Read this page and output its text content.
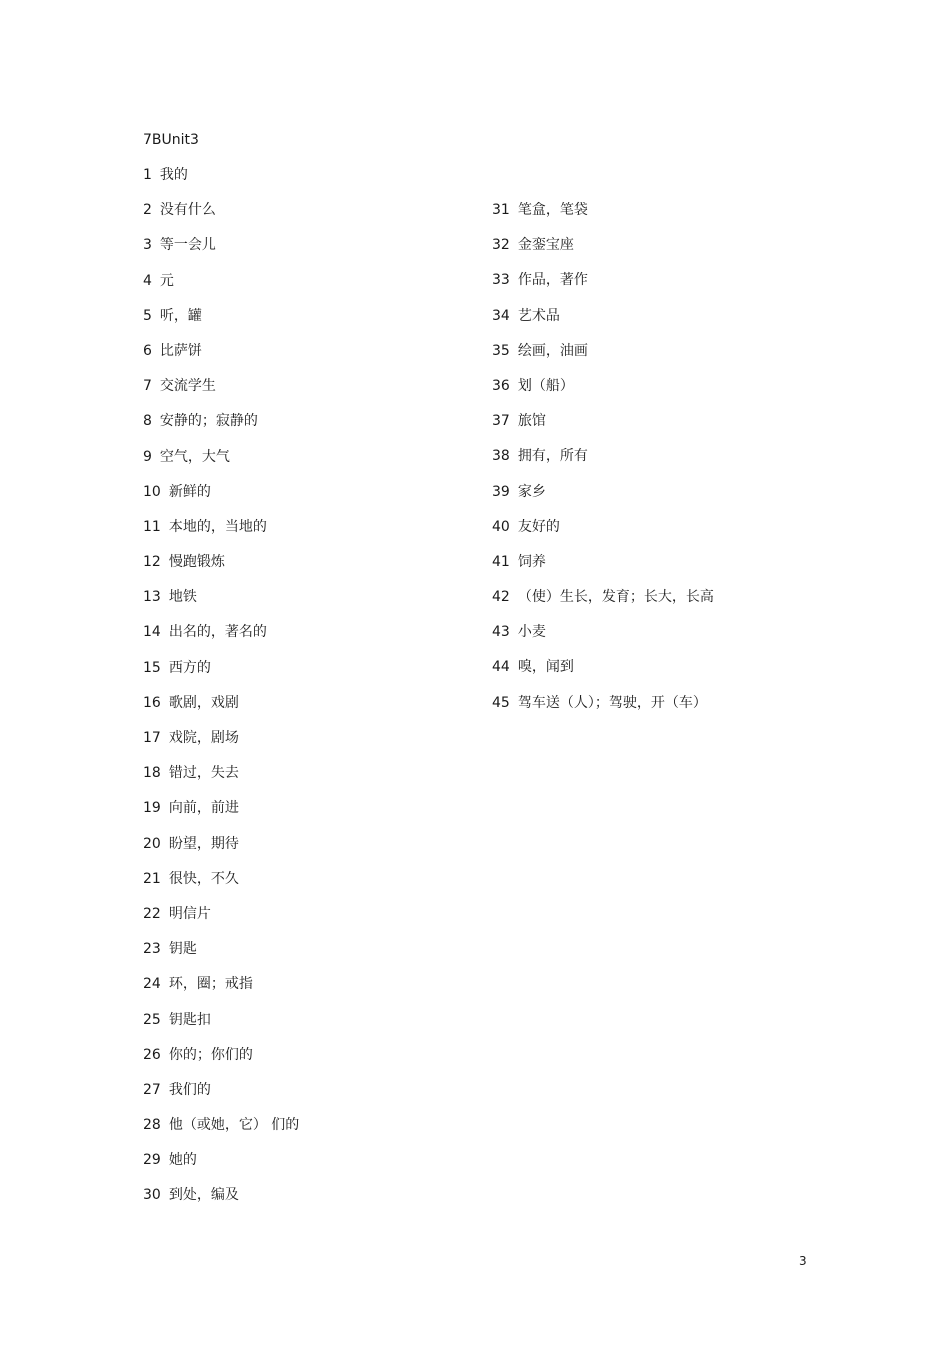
7BUnit3
1 我的
2 没有什么
3 等一会儿
4 元
5 听，罐
6 比萨饼
7 交流学生
8 安静的；寂静的
9 空气，大气
10 新鲜的
11 本地的，当地的
12 慢跑锻炼
13 地铁
14 出名的，著名的
15 西方的
16 歌剧，戏剧
17 戏院，剧场
18 错过，失去
19 向前，前进
20 盼望，期待
21 很快，不久
22 明信片
23 钥匙
24 环，圈；戒指
25 钥匙扣
26 你的；你们的
27 我们的
28 他（或她，它） 们的
29 她的
30 到处，编及
31 笔盒，笔袋
32 金銮宝座
33 作品，著作
34 艺术品
35 绘画，油画
36 划（船）
37 旅馆
38 拥有，所有
39 家乡
40 友好的
41 饲养
42 （使）生长，发育；长大，长高
43 小麦
44 嗅，闻到
45 驾车送（人）；驾驶，开（车）
3
